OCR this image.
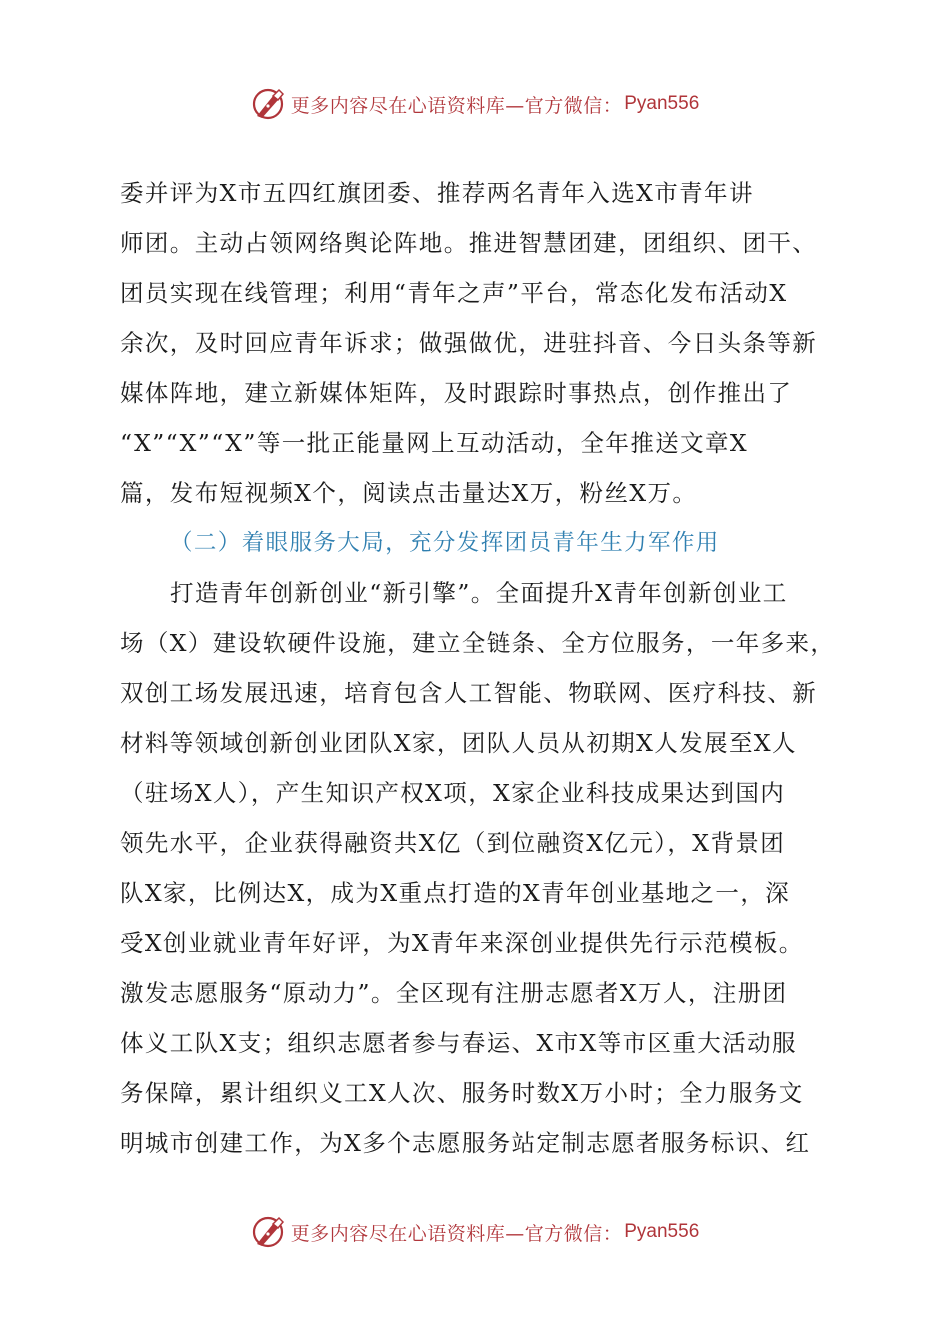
更多内容尽在心语资料库—官方微信： Pyan556
委并评为X市五四红旗团委、推荐两名青年入选X市青年讲
师团。主动占领网络舆论阵地。推进智慧团建，团组织、团干、
团员实现在线管理；利用“青年之声”平台，常态化发布活动X
余次，及时回应青年诉求；做强做优，进驻抖音、今日头条等新
媒体阵地，建立新媒体矩阵，及时跟踪时事热点，创作推出了
“X”“X”“X”等一批正能量网上互动活动，全年推送文章X
篇，发布短视频X个，阅读点击量达X万，粉丝X万。
（二）着眼服务大局，充分发挥团员青年生力军作用
打造青年创新创业“新引擎”。全面提升X青年创新创业工
场（X）建设软硬件设施，建立全链条、全方位服务，一年多来，
双创工场发展迅速，培育包含人工智能、物联网、医疗科技、新
材料等领域创新创业团队X家，团队人员从初期X人发展至X人
（驻场X人），产生知识产权X项，X家企业科技成果达到国内
领先水平，企业获得融资共X亿（到位融资X亿元），X背景团
队X家，比例达X，成为X重点打造的X青年创业基地之一，深
受X创业就业青年好评，为X青年来深创业提供先行示范模板。
激发志愿服务“原动力”。全区现有注册志愿者X万人，注册团
体义工队X支；组织志愿者参与春运、X市X等市区重大活动服
务保障，累计组织义工X人次、服务时数X万小时；全力服务文
明城市创建工作，为X多个志愿服务站定制志愿者服务标识、红
更多内容尽在心语资料库—官方微信： Pyan556
